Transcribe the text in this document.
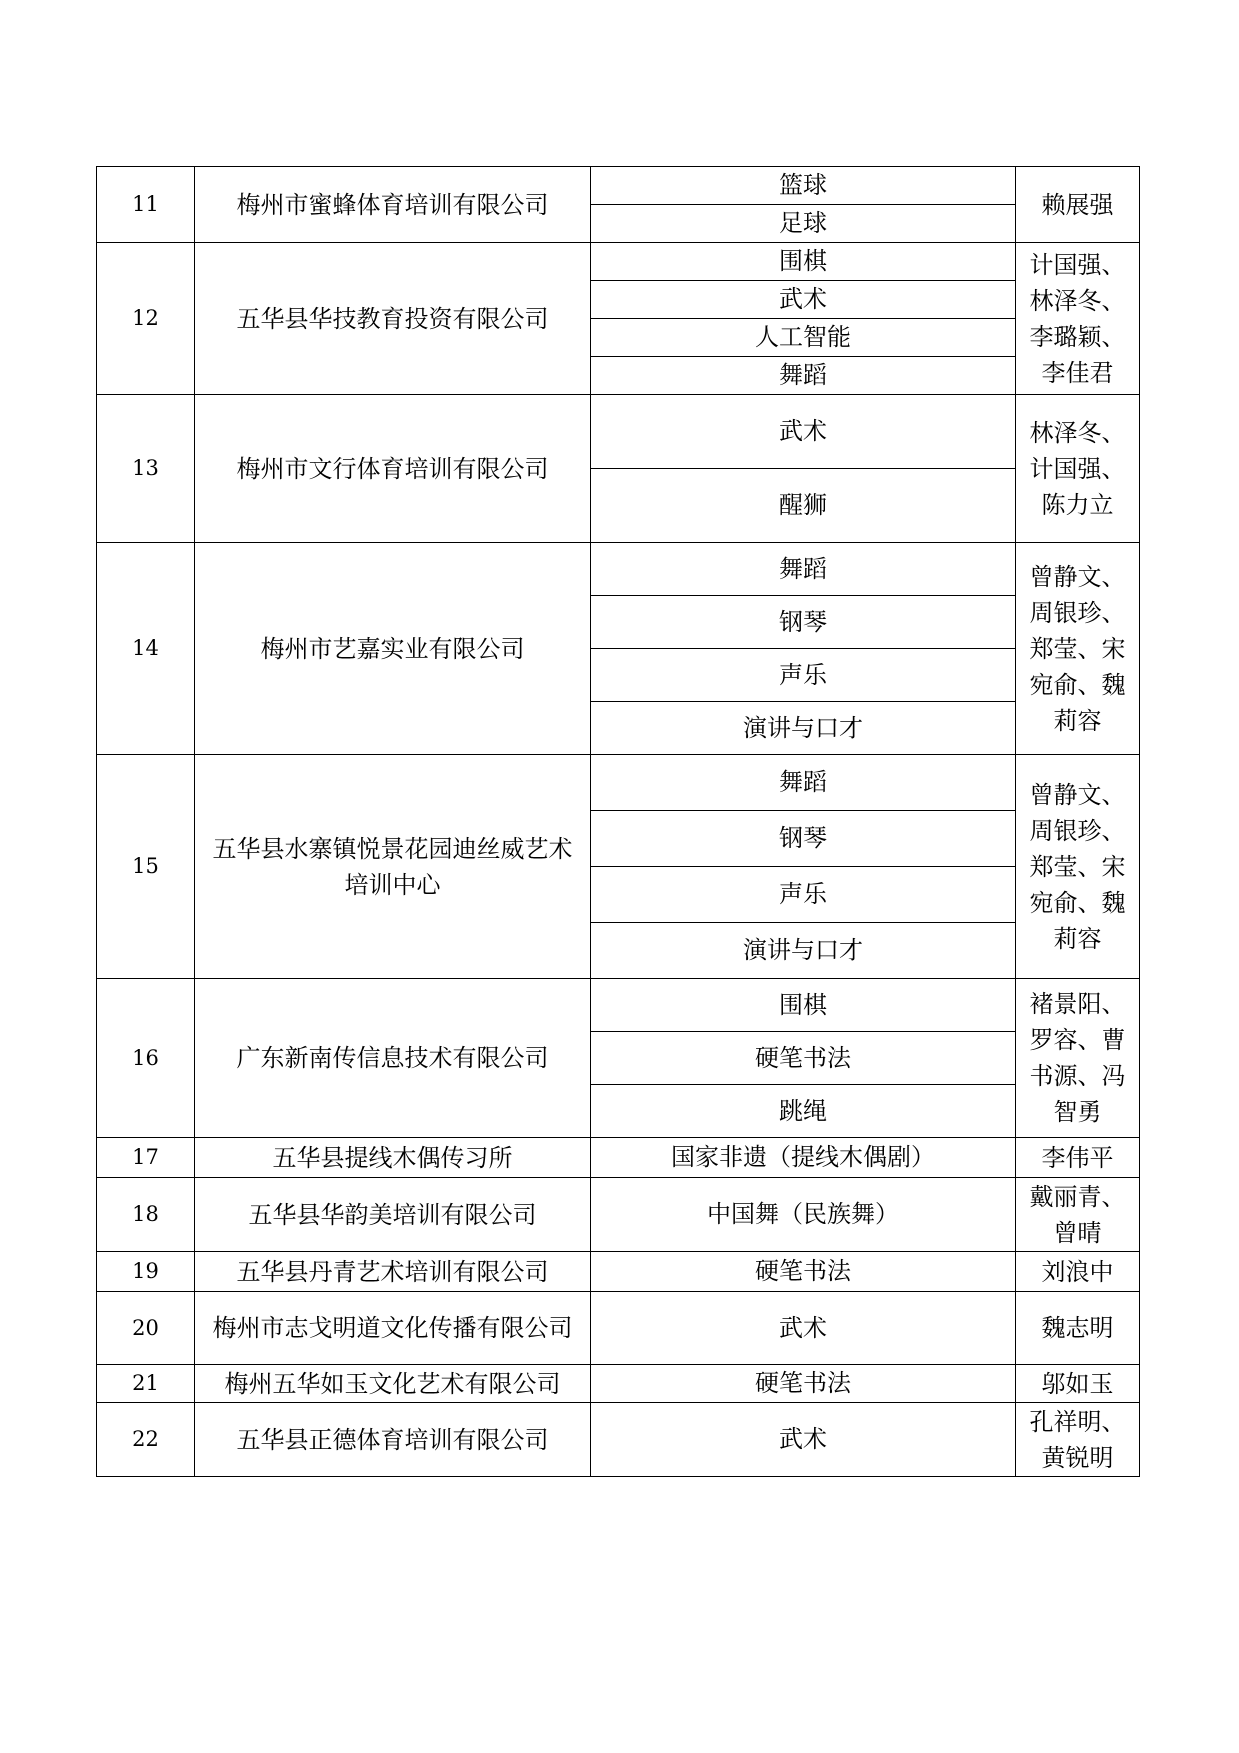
11	梅州市蜜蜂体育培训有限公司	篮球	赖展强
		足球	
12	五华县华技教育投资有限公司	围棋	计国强、林泽冬、李璐颖、李佳君
		武术	
		人工智能	
		舞蹈	
13	梅州市文行体育培训有限公司	武术	林泽冬、计国强、陈力立
		醒狮	
14	梅州市艺嘉实业有限公司	舞蹈	曾静文、周银珍、郑莹、宋宛俞、魏莉容
		钢琴	
		声乐	
		演讲与口才	
15	五华县水寨镇悦景花园迪丝威艺术培训中心	舞蹈	曾静文、周银珍、郑莹、宋宛俞、魏莉容
		钢琴	
		声乐	
		演讲与口才	
16	广东新南传信息技术有限公司	围棋	褚景阳、罗容、曹书源、冯智勇
		硬笔书法	
		跳绳	
17	五华县提线木偶传习所	国家非遗（提线木偶剧）	李伟平
18	五华县华韵美培训有限公司	中国舞（民族舞）	戴丽青、曾晴
19	五华县丹青艺术培训有限公司	硬笔书法	刘浪中
20	梅州市志戈明道文化传播有限公司	武术	魏志明
21	梅州五华如玉文化艺术有限公司	硬笔书法	邬如玉
22	五华县正德体育培训有限公司	武术	孔祥明、黄锐明
